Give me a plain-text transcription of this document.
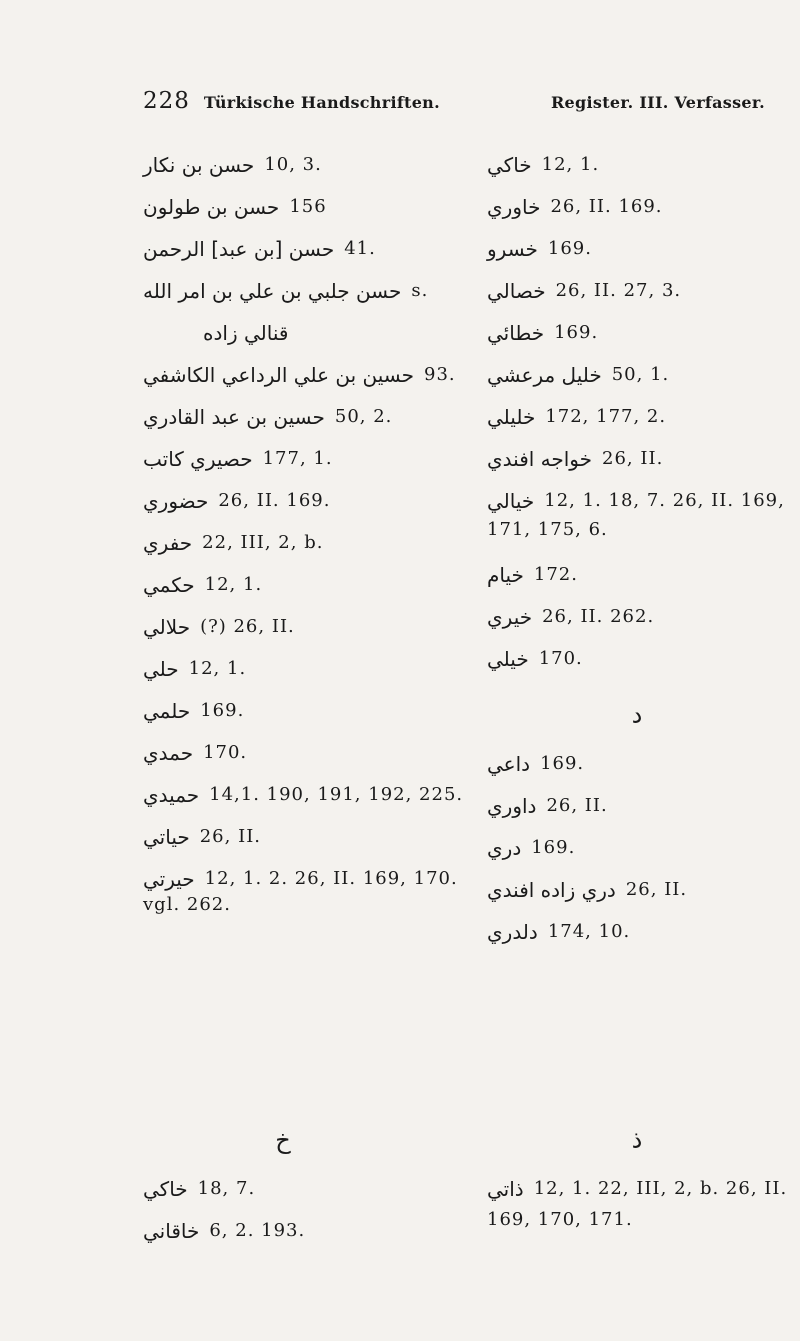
228 Türkische Handschriften.	Register. III. Verfasser.
حسن بن نكار 10, 3.
حسن بن طولون 156
حسن [بن عبد] الرحمن 41.
حسن جلبي بن علي بن امر الله s.
قنالي زاده
حسين بن علي الرداعي الكاشفي 93.
حسين بن عبد القادري 50, 2.
حصيري كاتب 177, 1.
حضوري 26, II. 169.
حفري 22, III, 2, b.
حكمي 12, 1.
حلالي (?) 26, II.
حلي 12, 1.
حلمي 169.
حمدي 170.
حميدي 14,1. 190, 191, 192, 225.
حياتي 26, II.
حيرتي 12, 1. 2. 26, II. 169, 170.
vgl. 262.
خاكي 12, 1.
خاوري 26, II. 169.
خسرو 169.
خصالي 26, II. 27, 3.
خطائي 169.
خليل مرعشي 50, 1.
خليلي 172, 177, 2.
خواجه افندي 26, II.
خيالي 12, 1. 18, 7. 26, II. 169,
171, 175, 6.
خيام 172.
خيري 26, II. 262.
خيلي 170.
د
داعي 169.
داوري 26, II.
دري 169.
دري زاده افندي 26, II.
دلدري 174, 10.
خ
خاكي 18, 7.
خاقاني 6, 2. 193.
ذ
ذاتي 12, 1. 22, III, 2, b. 26, II.
169, 170, 171.
